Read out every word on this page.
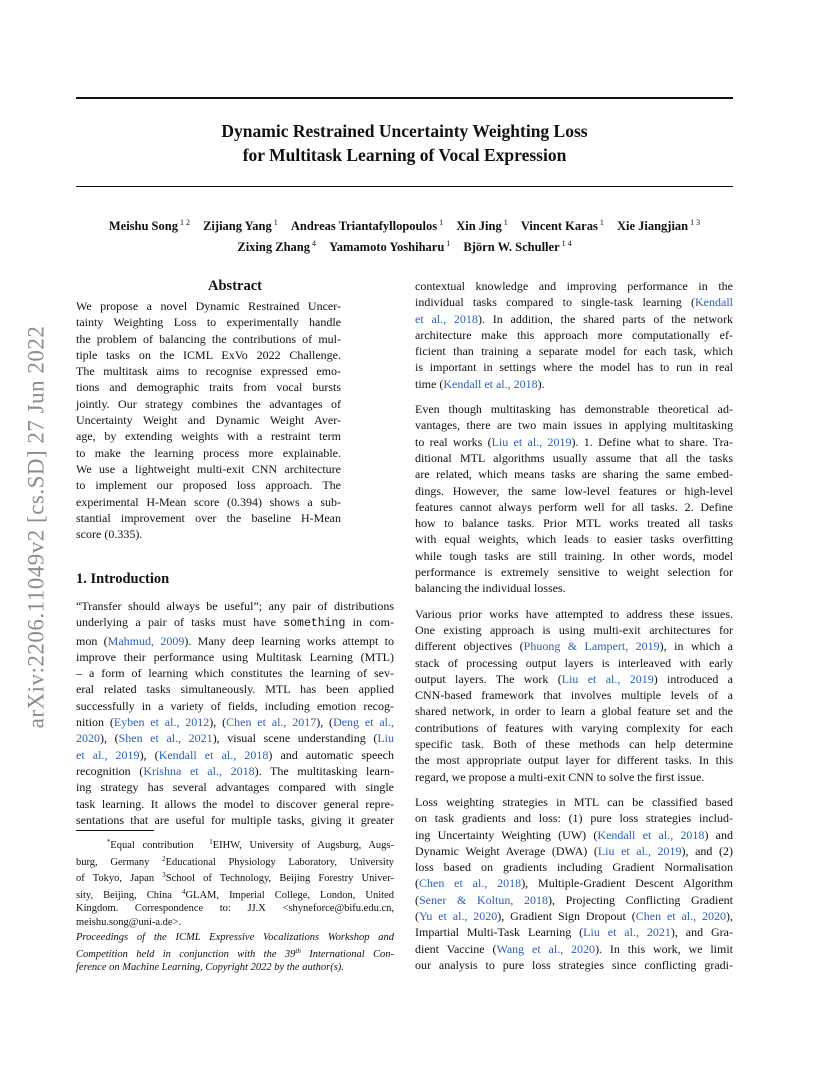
arXiv:2206.11049v2 [cs.SD] 27 Jun 2022
Dynamic Restrained Uncertainty Weighting Loss
for Multitask Learning of Vocal Expression
Meishu Song $^{1 2}$ Zijiang Yang $^1$ Andreas Triantafyllopoulos $^1$ Xin Jing $^1$ Vincent Karas $^1$ Xie Jiangjian $^{1 3}$
Zixing Zhang $^4$ Yamamoto Yoshiharu $^1$ Björn W. Schuller $^{1 4}$
Abstract
We propose a novel Dynamic Restrained Uncer-
tainty Weighting Loss to experimentally handle
the problem of balancing the contributions of mul-
tiple tasks on the ICML ExVo 2022 Challenge.
The multitask aims to recognise expressed emo-
tions and demographic traits from vocal bursts
jointly. Our strategy combines the advantages of
Uncertainty Weight and Dynamic Weight Aver-
age, by extending weights with a restraint term
to make the learning process more explainable.
We use a lightweight multi-exit CNN architecture
to implement our proposed loss approach. The
experimental H-Mean score (0.394) shows a sub-
stantial improvement over the baseline H-Mean
score (0.335).
1. Introduction
“Transfer should always be useful”; any pair of distributions
underlying a pair of tasks must have something in com-
mon (Mahmud, 2009). Many deep learning works attempt to
improve their performance using Multitask Learning (MTL)
– a form of learning which constitutes the learning of sev-
eral related tasks simultaneously. MTL has been applied
successfully in a variety of fields, including emotion recog-
nition (Eyben et al., 2012), (Chen et al., 2017), (Deng et al.,
2020), (Shen et al., 2021), visual scene understanding (Liu
et al., 2019), (Kendall et al., 2018) and automatic speech
recognition (Krishna et al., 2018). The multitasking learn-
ing strategy has several advantages compared with single
task learning. It allows the model to discover general repre-
sentations that are useful for multiple tasks, giving it greater
*Equal contribution $^1$EIHW, University of Augsburg, Augs-
burg, Germany $^2$Educational Physiology Laboratory, University
of Tokyo, Japan $^3$School of Technology, Beijing Forestry Univer-
sity, Beijing, China $^4$GLAM, Imperial College, London, United
Kingdom. Correspondence to: JJ.X <shyneforce@bifu.edu.cn,
meishu.song@uni-a.de>.
Proceedings of the ICML Expressive Vocalizations Workshop and
Competition held in conjunction with the 39th International Con-
ference on Machine Learning, Copyright 2022 by the author(s).
contextual knowledge and improving performance in the
individual tasks compared to single-task learning (Kendall
et al., 2018). In addition, the shared parts of the network
architecture make this approach more computationally ef-
ficient than training a separate model for each task, which
is important in settings where the model has to run in real
time (Kendall et al., 2018).
Even though multitasking has demonstrable theoretical ad-
vantages, there are two main issues in applying multitasking
to real works (Liu et al., 2019). 1. Define what to share. Tra-
ditional MTL algorithms usually assume that all the tasks
are related, which means tasks are sharing the same embed-
dings. However, the same low-level features or high-level
features cannot always perform well for all tasks. 2. Define
how to balance tasks. Prior MTL works treated all tasks
with equal weights, which leads to easier tasks overfitting
while tough tasks are still training. In other words, model
performance is extremely sensitive to weight selection for
balancing the individual losses.
Various prior works have attempted to address these issues.
One existing approach is using multi-exit architectures for
different objectives (Phuong & Lampert, 2019), in which a
stack of processing output layers is interleaved with early
output layers. The work (Liu et al., 2019) introduced a
CNN-based framework that involves multiple levels of a
shared network, in order to learn a global feature set and the
contributions of features with varying complexity for each
specific task. Both of these methods can help determine
the most appropriate output layer for different tasks. In this
regard, we propose a multi-exit CNN to solve the first issue.
Loss weighting strategies in MTL can be classified based
on task gradients and loss: (1) pure loss strategies includ-
ing Uncertainty Weighting (UW) (Kendall et al., 2018) and
Dynamic Weight Average (DWA) (Liu et al., 2019), and (2)
loss based on gradients including Gradient Normalisation
(Chen et al., 2018), Multiple-Gradient Descent Algorithm
(Sener & Koltun, 2018), Projecting Conflicting Gradient
(Yu et al., 2020), Gradient Sign Dropout (Chen et al., 2020),
Impartial Multi-Task Learning (Liu et al., 2021), and Gra-
dient Vaccine (Wang et al., 2020). In this work, we limit
our analysis to pure loss strategies since conflicting gradi-
